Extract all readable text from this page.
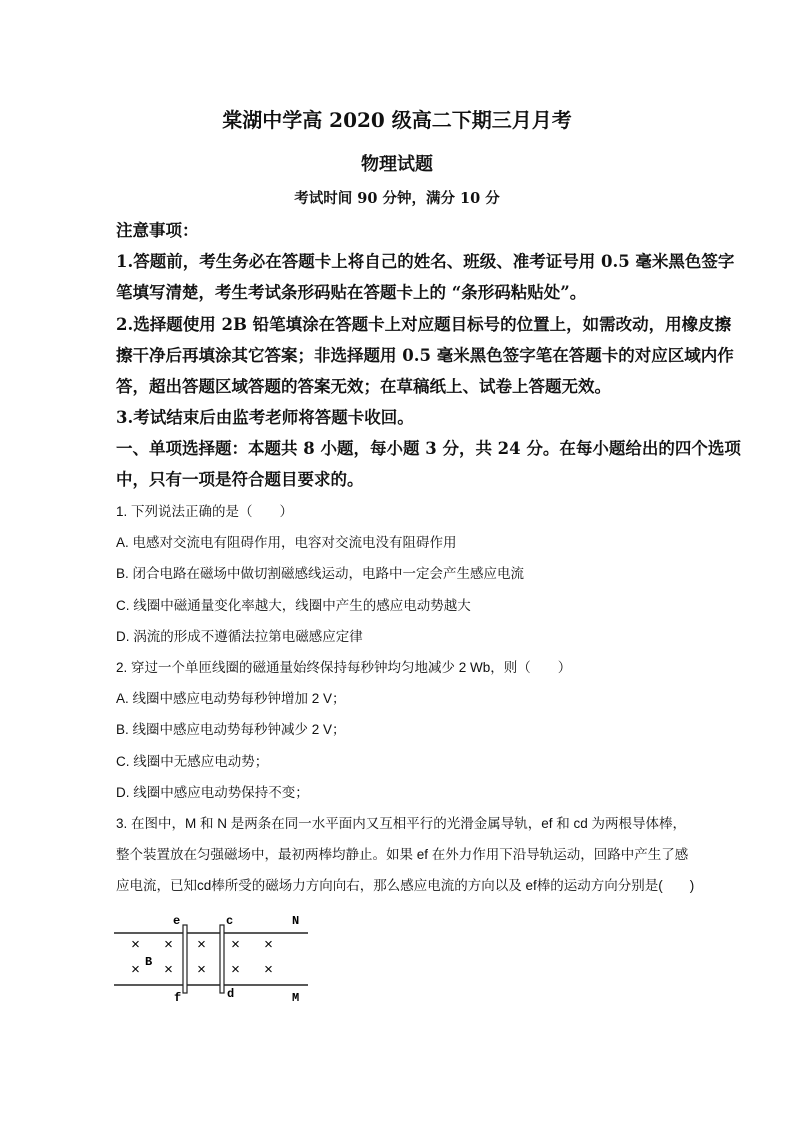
棠湖中学高 2020 级高二下期三月月考
物理试题
考试时间 90 分钟，满分 10 分
注意事项：
1.答题前，考生务必在答题卡上将自己的姓名、班级、准考证号用 0.5 毫米黑色签字
笔填写清楚，考生考试条形码贴在答题卡上的 “条形码粘贴处”。
2.选择题使用 2B 铅笔填涂在答题卡上对应题目标号的位置上，如需改动，用橡皮擦
擦干净后再填涂其它答案；非选择题用 0.5 毫米黑色签字笔在答题卡的对应区域内作
答，超出答题区域答题的答案无效；在草稿纸上、试卷上答题无效。
3.考试结束后由监考老师将答题卡收回。
一、单项选择题：本题共 8 小题，每小题 3 分，共 24 分。在每小题给出的四个选项
中，只有一项是符合题目要求的。
1. 下列说法正确的是（　　）
A. 电感对交流电有阻碍作用，电容对交流电没有阻碍作用
B. 闭合电路在磁场中做切割磁感线运动，电路中一定会产生感应电流
C. 线圈中磁通量变化率越大，线圈中产生的感应电动势越大
D. 涡流的形成不遵循法拉第电磁感应定律
2. 穿过一个单匝线圈的磁通量始终保持每秒钟均匀地减少 2 Wb，则（　　）
A. 线圈中感应电动势每秒钟增加 2 V；
B. 线圈中感应电动势每秒钟减少 2 V；
C. 线圈中无感应电动势；
D. 线圈中感应电动势保持不变；
3. 在图中，M 和 N 是两条在同一水平面内又互相平行的光滑金属导轨，ef 和 cd 为两根导体棒，
整个装置放在匀强磁场中，最初两棒均静止。如果 ef 在外力作用下沿导轨运动，回路中产生了感
应电流，已知cd棒所受的磁场力方向向右，那么感应电流的方向以及 ef棒的运动方向分别是(　　)
e	c	N
f	d	M
B
× × × × ×
× × × × ×
